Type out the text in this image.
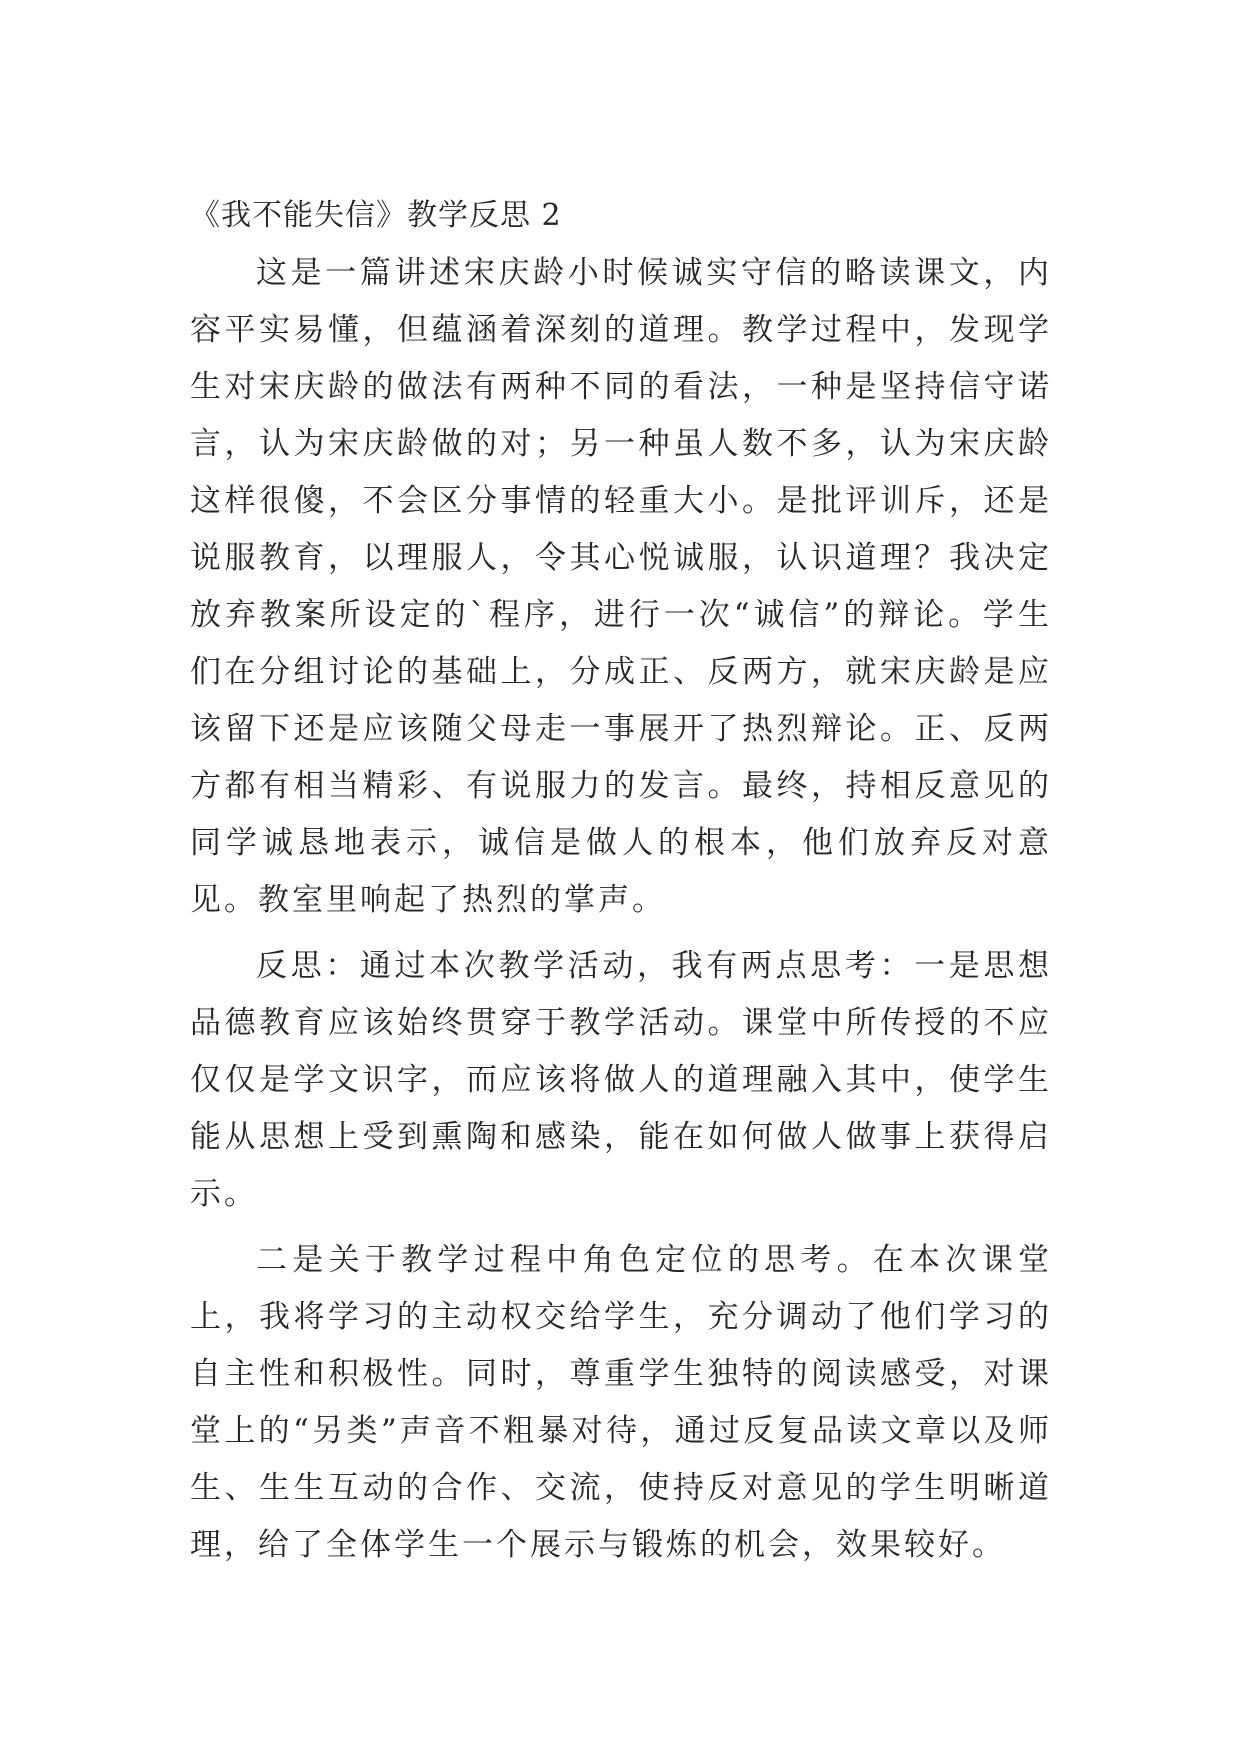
《我不能失信》教学反思 2

这是一篇讲述宋庆龄小时候诚实守信的略读课文，内容平实易懂，但蕴涵着深刻的道理。教学过程中，发现学生对宋庆龄的做法有两种不同的看法，一种是坚持信守诺言，认为宋庆龄做的对；另一种虽人数不多，认为宋庆龄这样很傻，不会区分事情的轻重大小。是批评训斥，还是说服教育，以理服人，令其心悦诚服，认识道理？我决定放弃教案所设定的`程序，进行一次“诚信”的辩论。学生们在分组讨论的基础上，分成正、反两方，就宋庆龄是应该留下还是应该随父母走一事展开了热烈辩论。正、反两方都有相当精彩、有说服力的发言。最终，持相反意见的同学诚恳地表示，诚信是做人的根本，他们放弃反对意见。教室里响起了热烈的掌声。

反思：通过本次教学活动，我有两点思考：一是思想品德教育应该始终贯穿于教学活动。课堂中所传授的不应仅仅是学文识字，而应该将做人的道理融入其中，使学生能从思想上受到熏陶和感染，能在如何做人做事上获得启示。

二是关于教学过程中角色定位的思考。在本次课堂上，我将学习的主动权交给学生，充分调动了他们学习的自主性和积极性。同时，尊重学生独特的阅读感受，对课堂上的“另类”声音不粗暴对待，通过反复品读文章以及师生、生生互动的合作、交流，使持反对意见的学生明晰道理，给了全体学生一个展示与锻炼的机会，效果较好。
